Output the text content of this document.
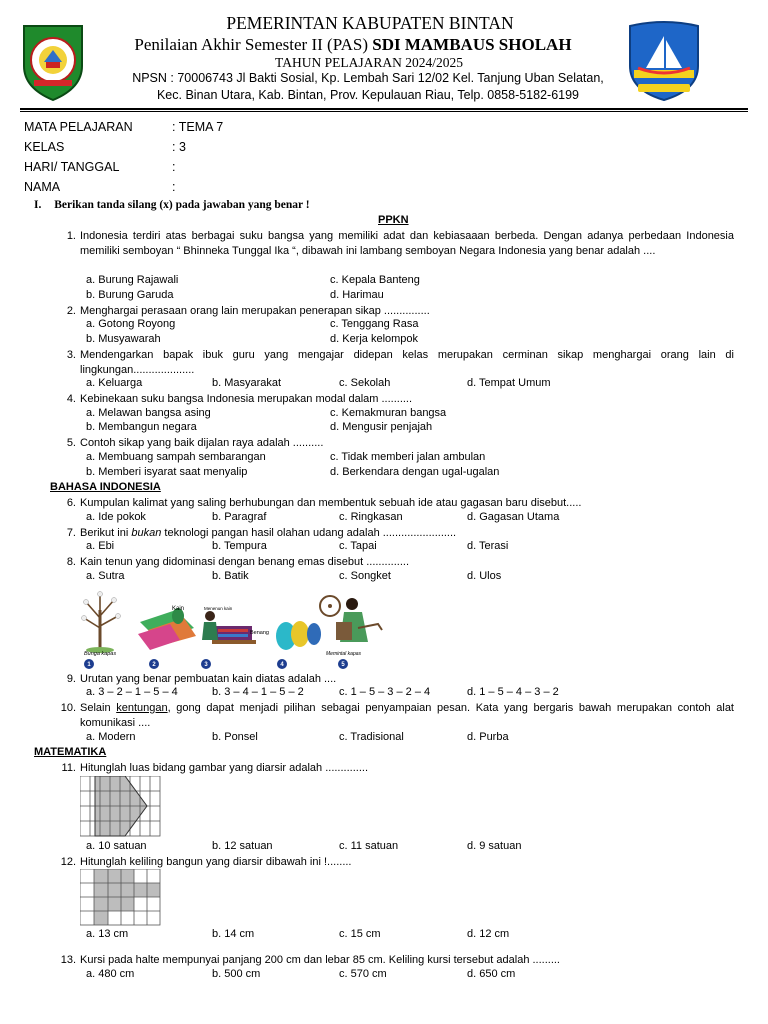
PEMERINTAN KABUPATEN BINTAN
Penilaian Akhir Semester II (PAS) SDI MAMBAUS SHOLAH
TAHUN PELAJARAN 2024/2025
NPSN : 70006743 Jl Bakti Sosial, Kp. Lembah Sari 12/02 Kel. Tanjung Uban Selatan,
Kec. Binan Utara, Kab. Bintan, Prov. Kepulauan Riau, Telp. 0858-5182-6199
MATA PELAJARAN	: TEMA 7
KELAS	: 3
HARI/ TANGGAL	:
NAMA	:
I. Berikan tanda silang (x) pada jawaban yang benar !
PPKN
1. Indonesia terdiri atas berbagai suku bangsa yang memiliki adat dan kebiasaaan berbeda. Dengan adanya perbedaan Indonesia memiliki semboyan “ Bhinneka Tunggal Ika “, dibawah ini lambang semboyan Negara Indonesia yang benar adalah ....
a. Burung Rajawali	c. Kepala Banteng
b. Burung Garuda	d. Harimau
2. Menghargai perasaan orang lain merupakan penerapan sikap ...............
a. Gotong Royong	c. Tenggang Rasa
b. Musyawarah	d. Kerja kelompok
3. Mendengarkan bapak ibuk guru yang mengajar didepan kelas merupakan cerminan sikap menghargai orang lain di lingkungan....................
a. Keluarga	b. Masyarakat	c. Sekolah	d. Tempat Umum
4. Kebinekaan suku bangsa Indonesia merupakan modal dalam ..........
a. Melawan bangsa asing	c. Kemakmuran bangsa
b. Membangun negara	d. Mengusir penjajah
5. Contoh sikap yang baik dijalan raya adalah ..........
a. Membuang sampah sembarangan	c. Tidak memberi jalan ambulan
b. Memberi isyarat saat menyalip	d. Berkendara dengan ugal-ugalan
BAHASA INDONESIA
6. Kumpulan kalimat yang saling berhubungan dan membentuk sebuah ide atau gagasan baru disebut.....
a. Ide pokok	b. Paragraf	c. Ringkasan	d. Gagasan Utama
7. Berikut ini bukan teknologi pangan hasil olahan udang adalah ........................
a. Ebi	b. Tempura	c. Tapai	d. Terasi
8. Kain tenun yang didominasi dengan benang emas disebut ..............
a. Sutra	b. Batik	c. Songket	d. Ulos
Bunga kapas
Kain	Menenun kain
Benang
Memintal kapas
1	2	3	4	5
9. Urutan yang benar pembuatan kain diatas adalah ....
a. 3 – 2 – 1 – 5 – 4	b. 3 – 4 – 1 – 5 – 2	c. 1 – 5 – 3 – 2 – 4	d. 1 – 5 – 4 – 3 – 2
10. Selain kentungan, gong dapat menjadi pilihan sebagai penyampaian pesan. Kata yang bergaris bawah merupakan contoh alat komunikasi ....
a. Modern	b. Ponsel	c. Tradisional	d. Purba
MATEMATIKA
11. Hitunglah luas bidang gambar yang diarsir adalah ..............
a. 10 satuan	b. 12 satuan	c. 11 satuan	d. 9 satuan
12. Hitunglah keliling bangun yang diarsir dibawah ini !........
a. 13 cm	b. 14 cm	c. 15 cm	d. 12 cm
13. Kursi pada halte mempunyai panjang 200 cm dan lebar 85 cm. Keliling kursi tersebut adalah .........
a. 480 cm	b. 500 cm	c. 570 cm	d. 650 cm
